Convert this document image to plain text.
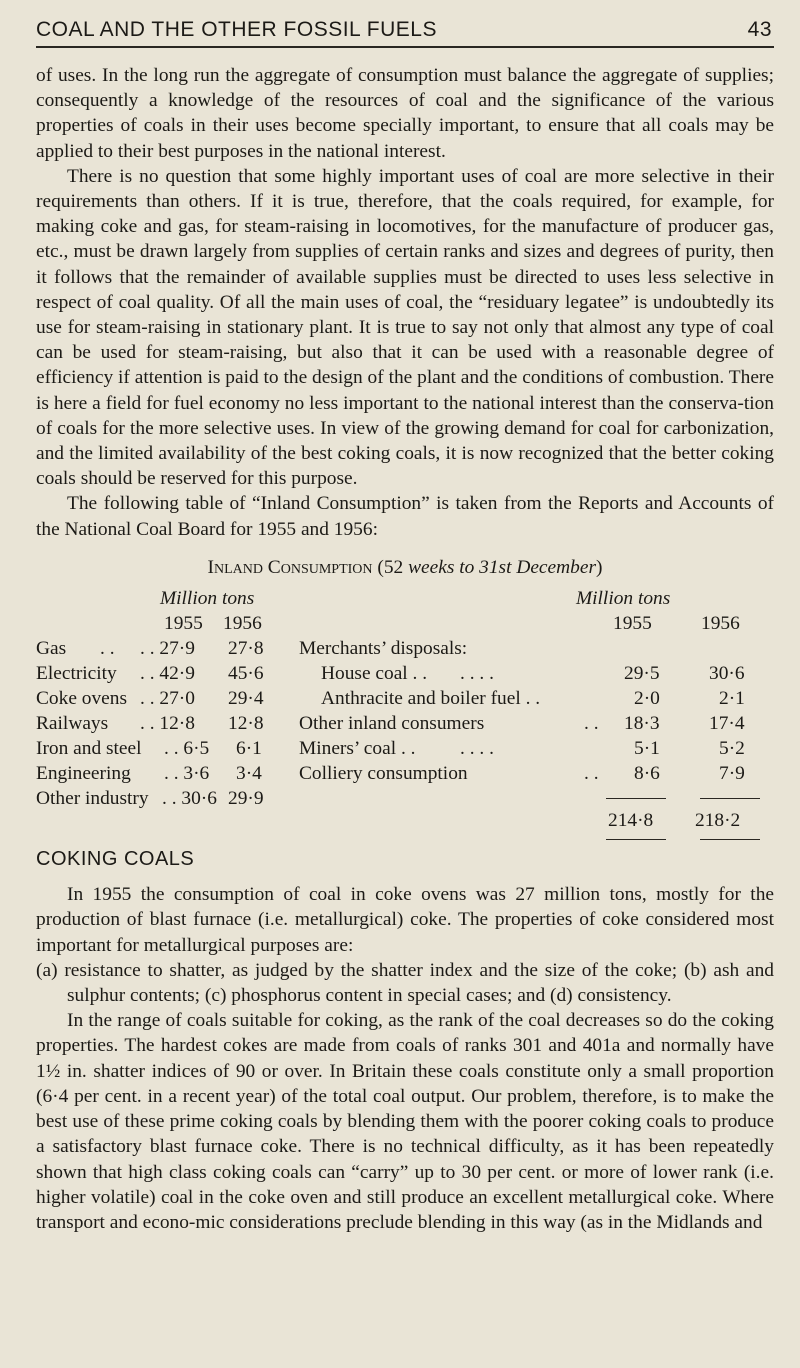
COAL AND THE OTHER FOSSIL FUELS	43

of uses. In the long run the aggregate of consumption must balance the aggregate of supplies; consequently a knowledge of the resources of coal and the significance of the various properties of coals in their uses become specially important, to ensure that all coals may be applied to their best purposes in the national interest.

There is no question that some highly important uses of coal are more selective in their requirements than others. If it is true, therefore, that the coals required, for example, for making coke and gas, for steam-raising in locomotives, for the manufacture of producer gas, etc., must be drawn largely from supplies of certain ranks and sizes and degrees of purity, then it follows that the remainder of available supplies must be directed to uses less selective in respect of coal quality. Of all the main uses of coal, the “residuary legatee” is undoubtedly its use for steam-raising in stationary plant. It is true to say not only that almost any type of coal can be used for steam-raising, but also that it can be used with a reasonable degree of efficiency if attention is paid to the design of the plant and the conditions of combustion. There is here a field for fuel economy no less important to the national interest than the conserva-tion of coals for the more selective uses. In view of the growing demand for coal for carbonization, and the limited availability of the best coking coals, it is now recognized that the better coking coals should be reserved for this purpose.

The following table of “Inland Consumption” is taken from the Reports and Accounts of the National Coal Board for 1955 and 1956:

Inland Consumption (52 weeks to 31st December)
Million tons	Million tons
1955 1956	1955	1956
Gas . . . . 27·9 27·8
Electricity . . 42·9 45·6
Coke ovens . . 27·0 29·4
Railways . . 12·8 12·8
Iron and steel . . 6·5 6·1
Engineering . . 3·6 3·4
Other industry . . 30·6 29·9
Merchants’ disposals:
House coal . . . . . .	29·5	30·6
Anthracite and boiler fuel . .	2·0	2·1
Other inland consumers	. . 18·3	17·4
Miners’ coal . . . . . .	5·1	5·2
Colliery consumption	. . 8·6	7·9
214·8 218·2
COKING COALS

In 1955 the consumption of coal in coke ovens was 27 million tons, mostly for the production of blast furnace (i.e. metallurgical) coke. The properties of coke considered most important for metallurgical purposes are:

(a) resistance to shatter, as judged by the shatter index and the size of the coke; (b) ash and sulphur contents; (c) phosphorus content in special cases; and (d) consistency.

In the range of coals suitable for coking, as the rank of the coal decreases so do the coking properties. The hardest cokes are made from coals of ranks 301 and 401a and normally have 1½ in. shatter indices of 90 or over. In Britain these coals constitute only a small proportion (6·4 per cent. in a recent year) of the total coal output. Our problem, therefore, is to make the best use of these prime coking coals by blending them with the poorer coking coals to produce a satisfactory blast furnace coke. There is no technical difficulty, as it has been repeatedly shown that high class coking coals can “carry” up to 30 per cent. or more of lower rank (i.e. higher volatile) coal in the coke oven and still produce an excellent metallurgical coke. Where transport and econo-mic considerations preclude blending in this way (as in the Midlands and
